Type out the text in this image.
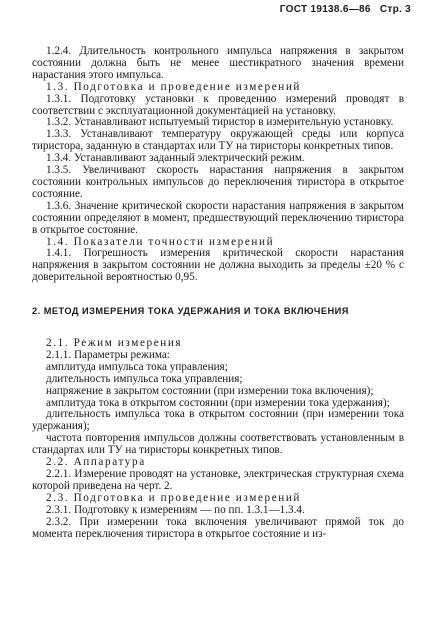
ГОСТ 19138.6—86 Стр. 3

1.2.4. Длительность контрольного импульса напряжения в закрытом состоянии должна быть не менее шестикратного значения времени нарастания этого импульса.

1.3. Подготовка и проведение измерений

1.3.1. Подготовку установки к проведению измерений проводят в соответствии с эксплуатационной документацией на установку.

1.3.2. Устанавливают испытуемый тиристор в измерительную установку.

1.3.3. Устанавливают температуру окружающей среды или корпуса тиристора, заданную в стандартах или ТУ на тиристоры конкретных типов.

1.3.4. Устанавливают заданный электрический режим.

1.3.5. Увеличивают скорость нарастания напряжения в закрытом состоянии контрольных импульсов до переключения тиристора в открытое состояние.

1.3.6. Значение критической скорости нарастания напряжения в закрытом состоянии определяют в момент, предшествующий переключению тиристора в открытое состояние.

1.4. Показатели точности измерений

1.4.1. Погрешность измерения критической скорости нарастания напряжения в закрытом состоянии не должна выходить за пределы ±20 % с доверительной вероятностью 0,95.

2. МЕТОД ИЗМЕРЕНИЯ ТОКА УДЕРЖАНИЯ И ТОКА ВКЛЮЧЕНИЯ

2.1. Режим измерения

2.1.1. Параметры режима:

амплитуда импульса тока управления;

длительность импульса тока управления;

напряжение в закрытом состоянии (при измерении тока включения);

амплитуда тока в открытом состоянии (при измерении тока удержания);

длительность импульса тока в открытом состоянии (при измерении тока удержания);

частота повторения импульсов должны соответствовать установленным в стандартах или ТУ на тиристоры конкретных типов.

2.2. Аппаратура

2.2.1. Измерение проводят на установке, электрическая структурная схема которой приведена на черт. 2.

2.3. Подготовка и проведение измерений

2.3.1. Подготовку к измерениям — по пп. 1.3.1—1.3.4.

2.3.2. При измерении тока включения увеличивают прямой ток до момента переключения тиристора в открытое состояние и из-
